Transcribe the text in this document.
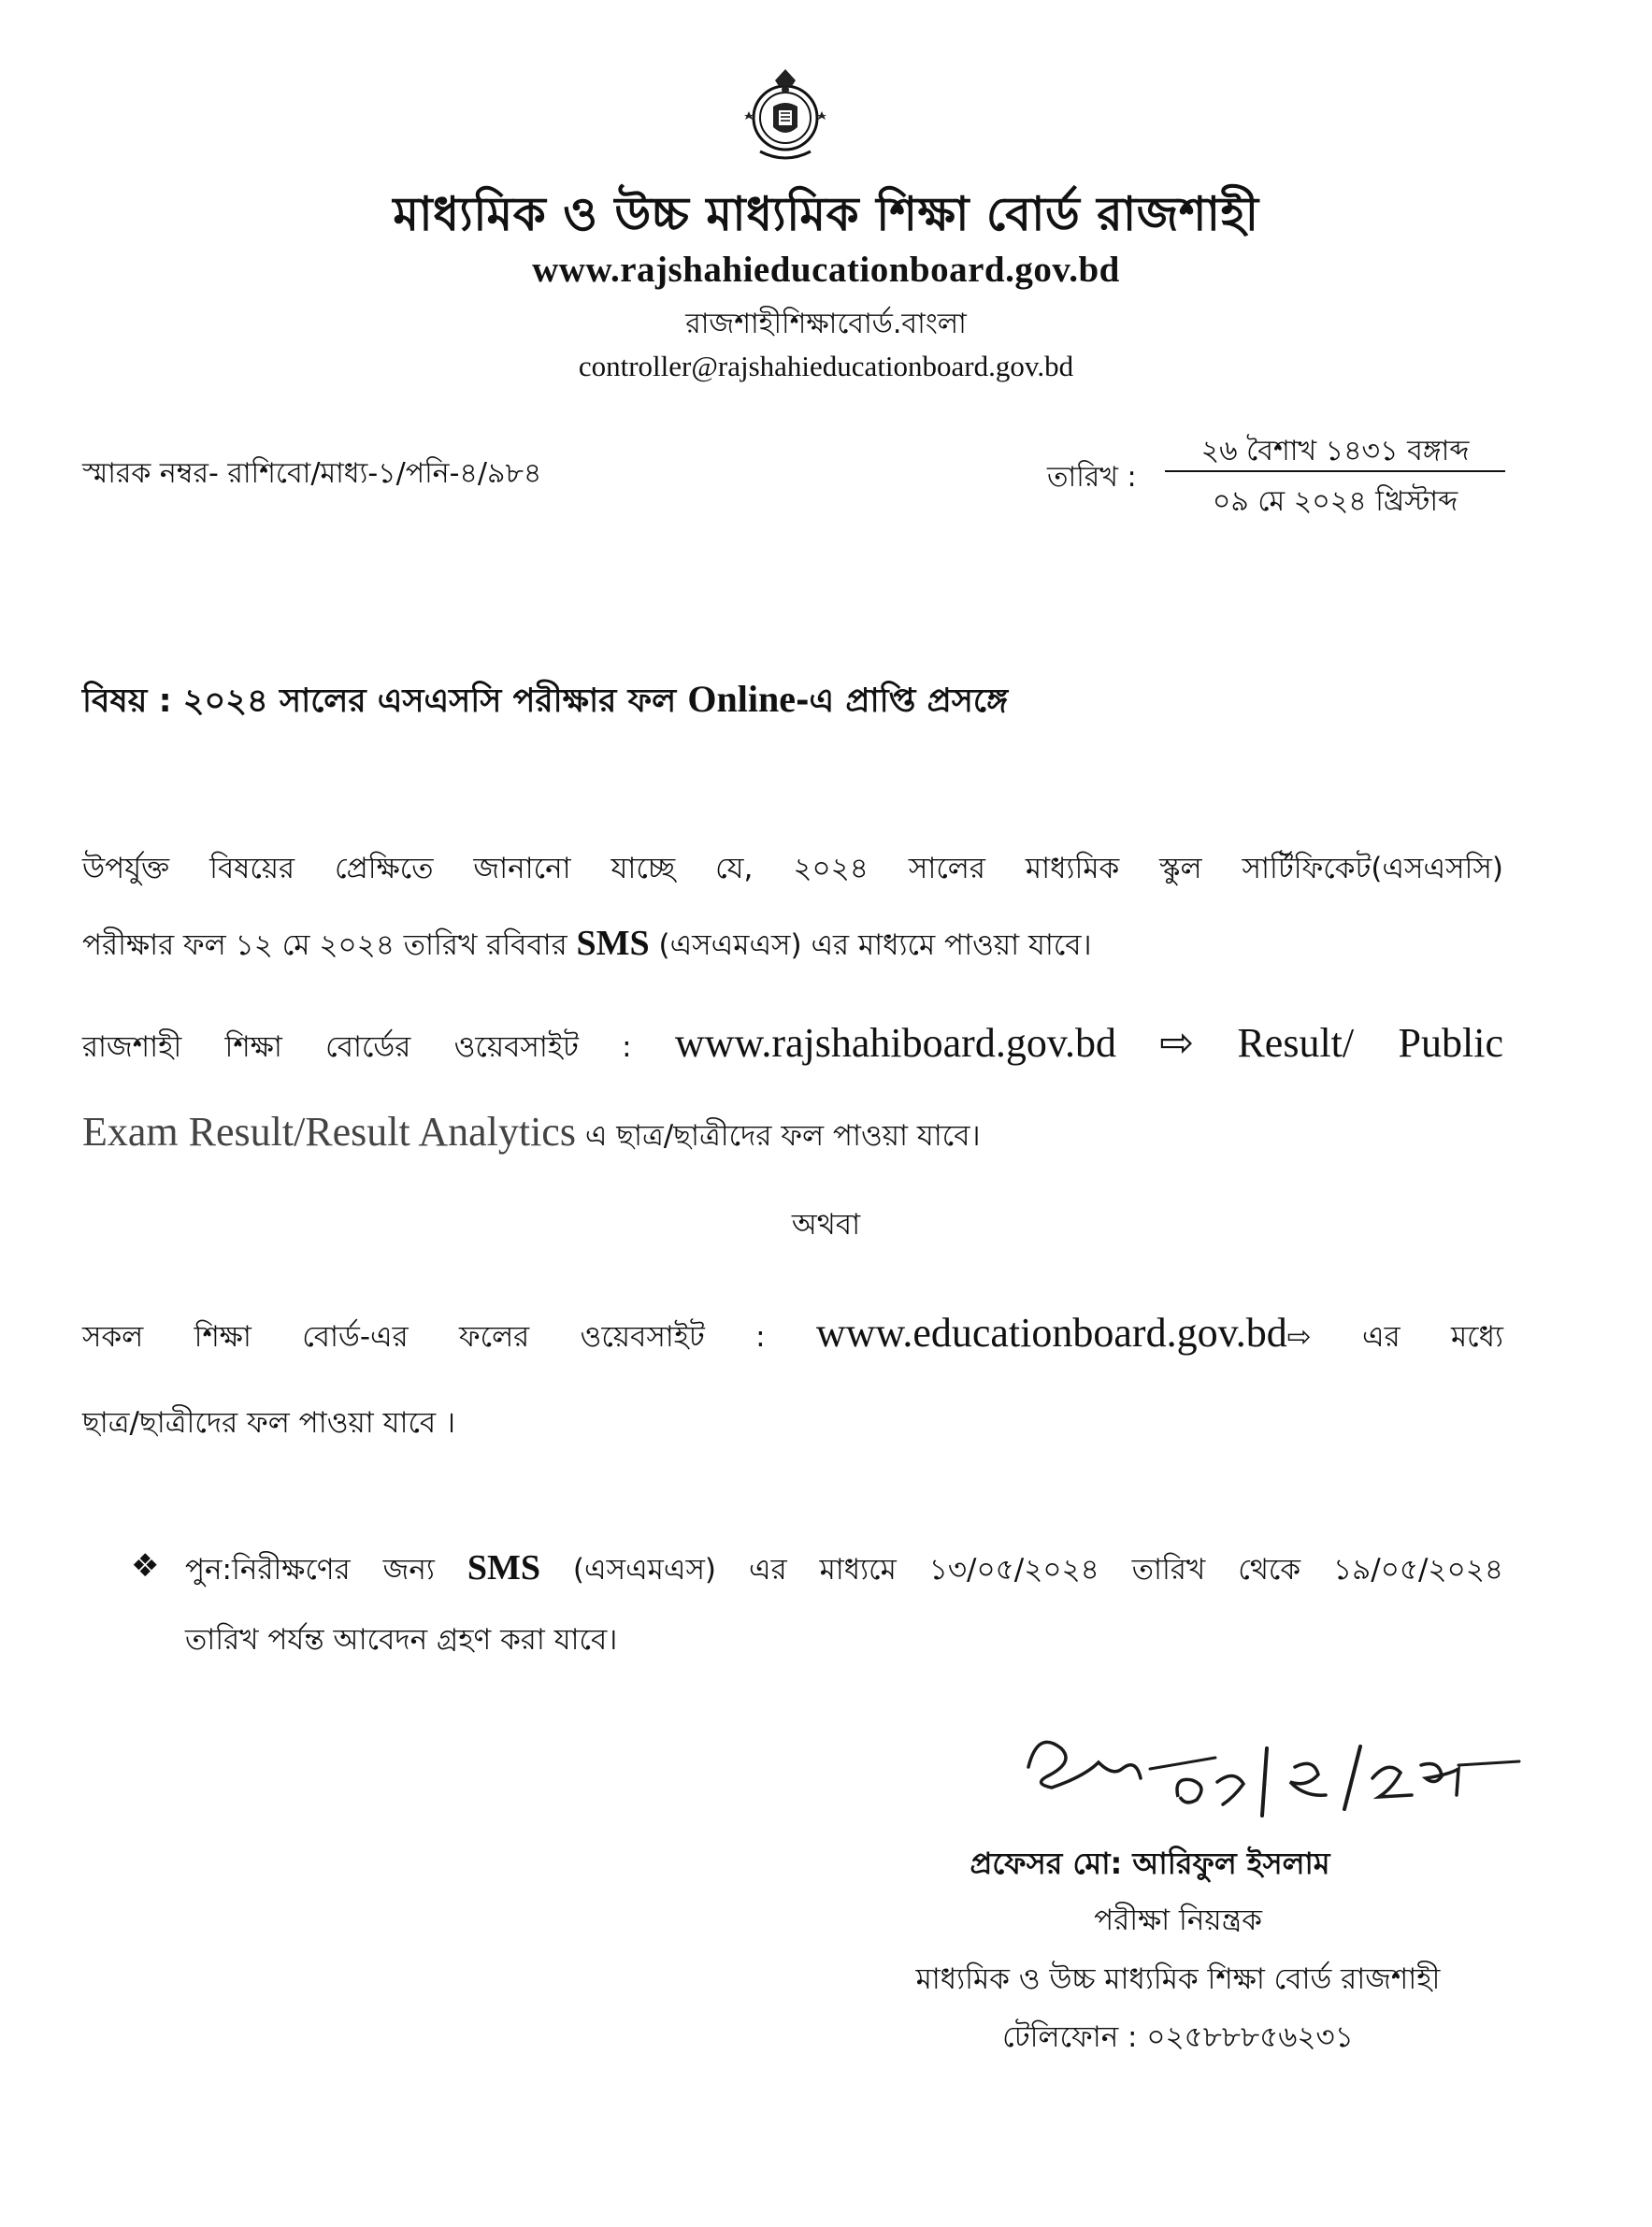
মাধ্যমিক ও উচ্চ মাধ্যমিক শিক্ষা বোর্ড রাজশাহী
www.rajshahieducationboard.gov.bd
রাজশাহীশিক্ষাবোর্ড.বাংলা
controller@rajshahieducationboard.gov.bd
স্মারক নম্বর- রাশিবো/মাধ্য-১/পনি-৪/৯৮৪	তারিখ :
২৬ বৈশাখ ১৪৩১ বঙ্গাব্দ
০৯ মে ২০২৪ খ্রিস্টাব্দ
বিষয় : ২০২৪ সালের এসএসসি পরীক্ষার ফল Online-এ প্রাপ্তি প্রসঙ্গে
উপর্যুক্ত বিষয়ের প্রেক্ষিতে জানানো যাচ্ছে যে, ২০২৪ সালের মাধ্যমিক স্কুল সার্টিফিকেট(এসএসসি)
পরীক্ষার ফল ১২ মে ২০২৪ তারিখ রবিবার SMS (এসএমএস) এর মাধ্যমে পাওয়া যাবে।
রাজশাহী শিক্ষা বোর্ডের ওয়েবসাইট : www.rajshahiboard.gov.bd ⇨ Result/ Public
Exam Result/Result Analytics এ ছাত্র/ছাত্রীদের ফল পাওয়া যাবে।
অথবা
সকল শিক্ষা বোর্ড-এর ফলের ওয়েবসাইট : www.educationboard.gov.bd⇨ এর মধ্যে
ছাত্র/ছাত্রীদের ফল পাওয়া যাবে ।
❖ পুন:নিরীক্ষণের জন্য SMS (এসএমএস) এর মাধ্যমে ১৩/০৫/২০২৪ তারিখ থেকে ১৯/০৫/২০২৪
তারিখ পর্যন্ত আবেদন গ্রহণ করা যাবে।
প্রফেসর মো: আরিফুল ইসলাম
পরীক্ষা নিয়ন্ত্রক
মাধ্যমিক ও উচ্চ মাধ্যমিক শিক্ষা বোর্ড রাজশাহী
টেলিফোন : ০২৫৮৮৮৫৬২৩১
